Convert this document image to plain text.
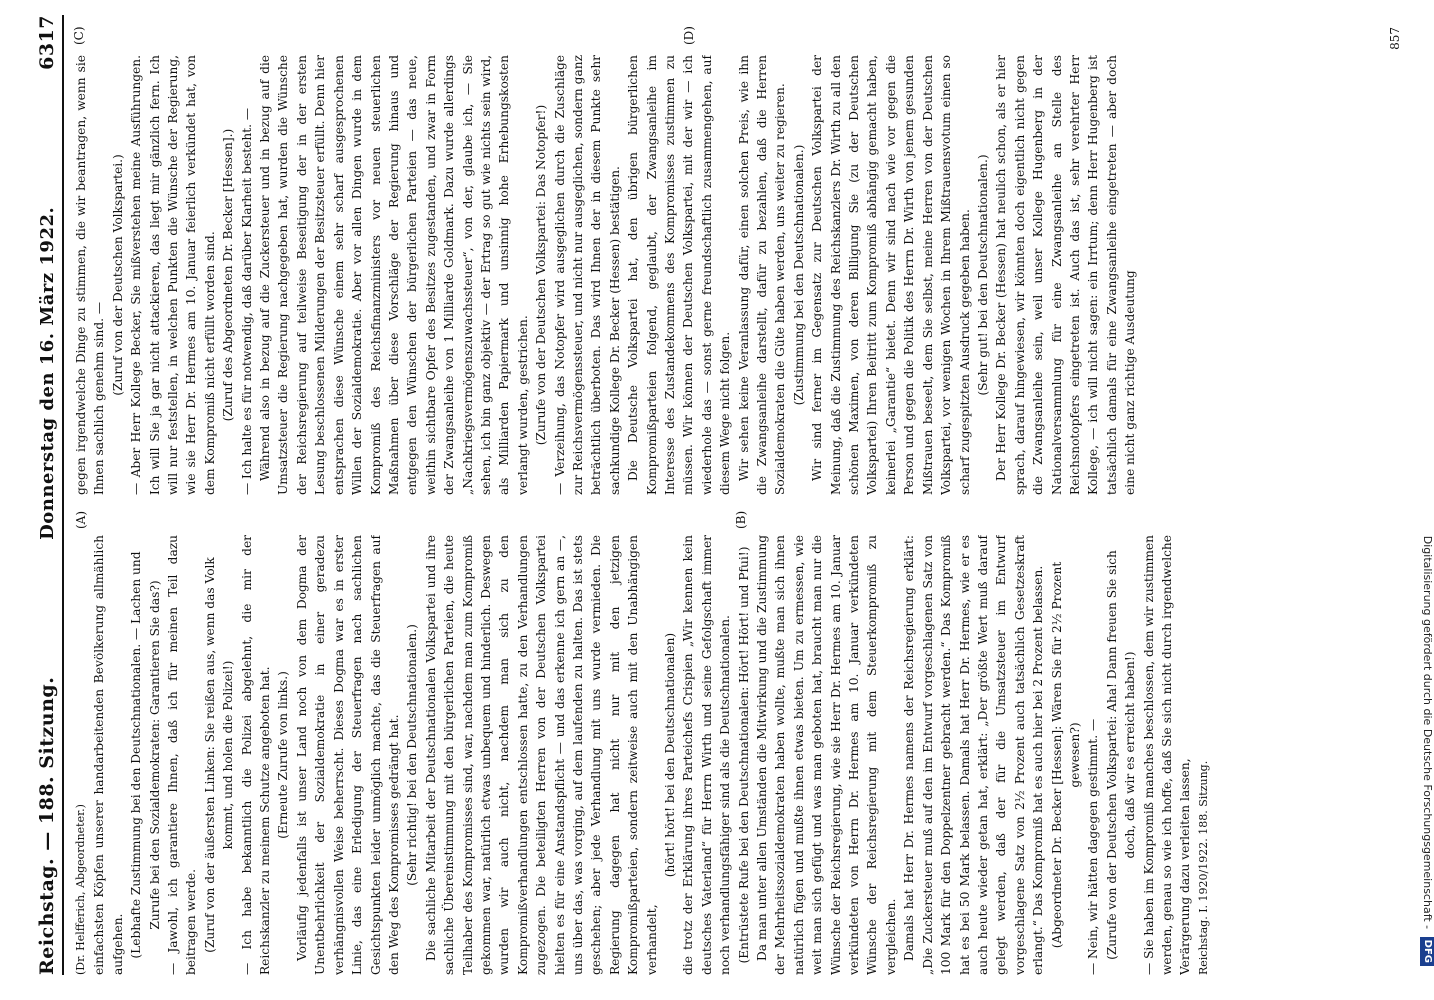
Reichstag. — 188. Sitzung.
Donnerstag den 16. März 1922.
6317

(Dr. Helfferich, Abgeordneter.) einfachsten Köpfen unserer handarbeitenden Bevölkerung allmählich aufgehen. (Lebhafte Zustimmung bei den Deutschnationalen. — Lachen und Zurufe bei den Sozialdemokraten: Garantieren Sie das?) — Jawohl, ich garantiere Ihnen, daß ich für meinen Teil dazu beitragen werde. (Zuruf von der äußersten Linken: Sie reißen aus, wenn das Volk kommt, und holen die Polizei!) — Ich habe bekanntlich die Polizei abgelehnt, die mir der Reichskanzler zu meinem Schutze angeboten hat. (Erneute Zurufe von links.) Vorläufig jedenfalls ist unser Land noch von dem Dogma der Unentbehrlichkeit der Sozialdemokratie in einer geradezu verhängnisvollen Weise beherrscht. Dieses Dogma war es in erster Linie, das eine Erledigung der Steuerfragen nach sachlichen Gesichtspunkten leider unmöglich machte, das die Steuerfragen auf den Weg des Kompromisses gedrängt hat. (Sehr richtig! bei den Deutschnationalen.) Die sachliche Mitarbeit der Deutschnationalen Volkspartei und ihre sachliche Übereinstimmung mit den bürgerlichen Parteien, die heute Teilhaber des Kompromisses sind, war, nachdem man zum Kompromiß gekommen war, natürlich etwas unbequem und hinderlich. Deswegen wurden wir auch nicht, nachdem man sich zu den Kompromißverhandlungen entschlossen hatte, zu den Verhandlungen zugezogen. Die beteiligten Herren von der Deutschen Volkspartei hielten es für eine Anstandspflicht — und das erkenne ich gern an —, uns über das, was vorging, auf dem laufenden zu halten. Das ist stets geschehen; aber jede Verhandlung mit uns wurde vermieden. Die Regierung dagegen hat nicht nur mit den jetzigen Kompromißparteien, sondern zeitweise auch mit den Unabhängigen verhandelt,

(hört! hört! bei den Deutschnationalen) die trotz der Erklärung ihres Parteichefs Crispien „Wir kennen kein deutsches Vaterland“ für Herrn Wirth und seine Gefolgschaft immer noch verhandlungsfähiger sind als die Deutschnationalen. (Entrüstete Rufe bei den Deutschnationalen: Hört! Hört! und Pfui!) Da man unter allen Umständen die Mitwirkung und die Zustimmung der Mehrheitssozialdemokraten haben wollte, mußte man sich ihnen natürlich fügen und mußte ihnen etwas bieten. Um zu ermessen, wie weit man sich gefügt und was man geboten hat, braucht man nur die Wünsche der Reichsregierung, wie sie Herr Dr. Hermes am 10. Januar verkündeten von Herrn Dr. Hermes am 10. Januar verkündeten Wünsche der Reichsregierung mit dem Steuerkompromiß zu vergleichen. Damals hat Herr Dr. Hermes namens der Reichsregierung erklärt: „Die Zuckersteuer muß auf den im Entwurf vorgeschlagenen Satz von 100 Mark für den Doppelzentner gebracht werden.“ Das Kompromiß hat es bei 50 Mark belassen. Damals hat Herr Dr. Hermes, wie er es auch heute wieder getan hat, erklärt: „Der größte Wert muß darauf gelegt werden, daß der für die Umsatzsteuer im Entwurf vorgeschlagene Satz von 2½ Prozent auch tatsächlich Gesetzeskraft erlangt.“ Das Kompromiß hat es auch hier bei 2 Prozent belassen. (Abgeordneter Dr. Becker [Hessen]: Wären Sie für 2½ Prozent gewesen?) — Nein, wir hätten dagegen gestimmt. — (Zurufe von der Deutschen Volkspartei: Aha! Dann freuen Sie sich doch, daß wir es erreicht haben!) — Sie haben im Kompromiß manches beschlossen, dem wir zustimmen werden, genau so wie ich hoffe, daß Sie sich nicht durch irgendwelche Verärgerung dazu verleiten lassen, Reichstag. I. 1920/1922. 188. Sitzung.

gegen irgendwelche Dinge zu stimmen, die wir beantragen, wenn sie Ihnen sachlich genehm sind. —

(Zuruf von der Deutschen Volkspartei.) — Aber Herr Kollege Becker, Sie mißverstehen meine Ausführungen. Ich will Sie ja gar nicht attackieren, das liegt mir gänzlich fern. Ich will nur feststellen, in welchen Punkten die Wünsche der Regierung, wie sie Herr Dr. Hermes am 10. Januar feierlich verkündet hat, von dem Kompromiß nicht erfüllt worden sind. (Zuruf des Abgeordneten Dr. Becker [Hessen].) — Ich halte es für notwendig, daß darüber Klarheit besteht. — Während also in bezug auf die Zuckersteuer und in bezug auf die Umsatzsteuer die Regierung nachgegeben hat, wurden die Wünsche der Reichsregierung auf teilweise Beseitigung der in der ersten Lesung beschlossenen Milderungen der Besitzsteuer erfüllt. Denn hier entsprachen diese Wünsche einem sehr scharf ausgesprochenen Willen der Sozialdemokratie. Aber vor allen Dingen wurde in dem Kompromiß des Reichsfinanzministers vor neuen steuerlichen Maßnahmen über diese Vorschläge der Regierung hinaus und entgegen den Wünschen der bürgerlichen Parteien — das neue, weithin sichtbare Opfer des Besitzes zugestanden, und zwar in Form der Zwangsanleihe von 1 Milliarde Goldmark. Dazu wurde allerdings „Nachkriegsvermögenszuwachssteuer“, von der, glaube ich, — Sie sehen, ich bin ganz objektiv — der Ertrag so gut wie nichts sein wird, als Milliarden Papiermark und unsinnig hohe Erhebungskosten verlangt wurden, gestrichen. (Zurufe von der Deutschen Volkspartei: Das Notopfer!) — Verzeihung, das Notopfer wird ausgeglichen durch die Zuschläge zur Reichsvermögenssteuer, und nicht nur ausgeglichen, sondern ganz beträchtlich überboten. Das wird Ihnen der in diesem Punkte sehr sachkundige Kollege Dr. Becker (Hessen) bestätigen. Die Deutsche Volkspartei hat, den übrigen bürgerlichen Kompromißparteien folgend, geglaubt, der Zwangsanleihe im Interesse des Zustandekommens des Kompromisses zustimmen zu müssen. Wir können der Deutschen Volkspartei, mit der wir — ich wiederhole das — sonst gerne freundschaftlich zusammengehen, auf diesem Wege nicht folgen. Wir sehen keine Veranlassung dafür, einen solchen Preis, wie ihn die Zwangsanleihe darstellt, dafür zu bezahlen, daß die Herren Sozialdemokraten die Güte haben werden, uns weiter zu regieren. (Zustimmung bei den Deutschnationalen.) Wir sind ferner im Gegensatz zur Deutschen Volkspartei der Meinung, daß die Zustimmung des Reichskanzlers Dr. Wirth zu all den schönen Maximen, von deren Billigung Sie (zu der Deutschen Volkspartei) Ihren Beitritt zum Kompromiß abhängig gemacht haben, keinerlei „Garantie“ bietet. Denn wir sind nach wie vor gegen die Person und gegen die Politik des Herrn Dr. Wirth von jenem gesunden Mißtrauen beseelt, dem Sie selbst, meine Herren von der Deutschen Volkspartei, vor wenigen Wochen in Ihrem Mißtrauensvotum einen so scharf zugespitzten Ausdruck gegeben haben. (Sehr gut! bei den Deutschnationalen.) Der Herr Kollege Dr. Becker (Hessen) hat neulich schon, als er hier sprach, darauf hingewiesen, wir könnten doch eigentlich nicht gegen die Zwangsanleihe sein, weil unser Kollege Hugenberg in der Nationalversammlung für eine Zwangsanleihe an Stelle des Reichsnotopfers eingetreten ist. Auch das ist, sehr verehrter Herr Kollege, — ich will nicht sagen: ein Irrtum; denn Herr Hugenberg ist tatsächlich damals für eine Zwangsanleihe eingetreten — aber doch eine nicht ganz richtige Ausdeutung

(A)	(B)
(C)	(D)	857
Digitalisierung gefördert durch die Deutsche Forschungsgemeinschaft - DFG
